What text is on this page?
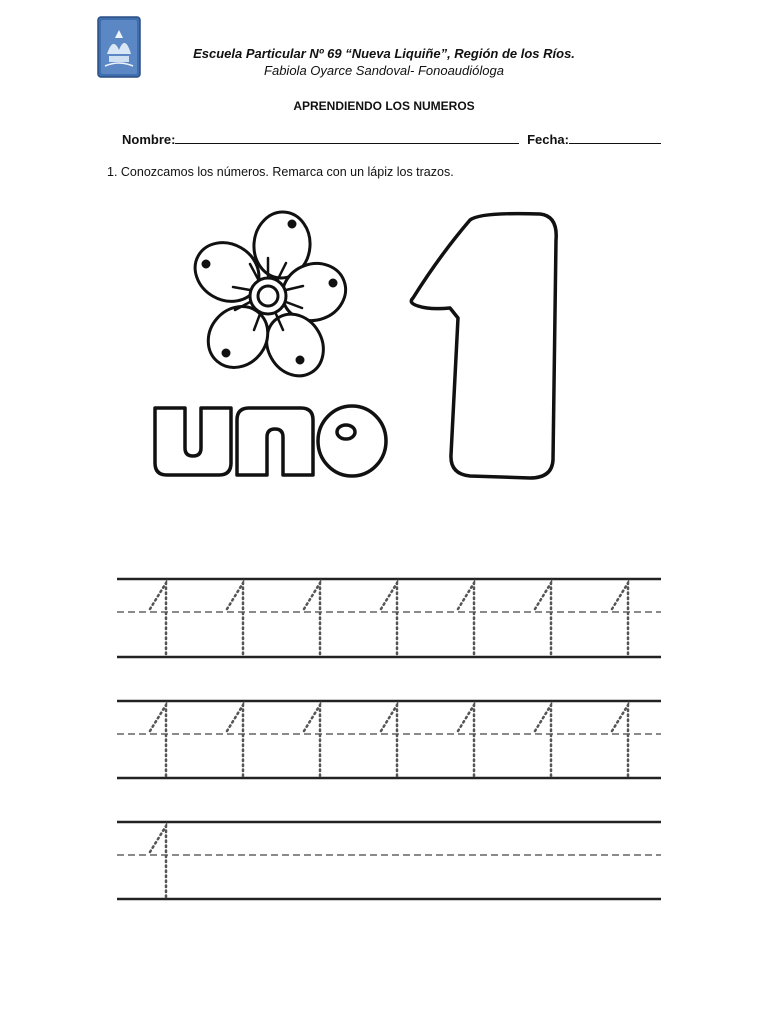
Escuela Particular Nº 69 “Nueva Liquiñe”, Región de los Ríos.
Fabiola Oyarce Sandoval- Fonoaudióloga
APRENDIENDO LOS NUMEROS
Nombre:	Fecha:
1. Conozcamos los números. Remarca con un lápiz los trazos.
